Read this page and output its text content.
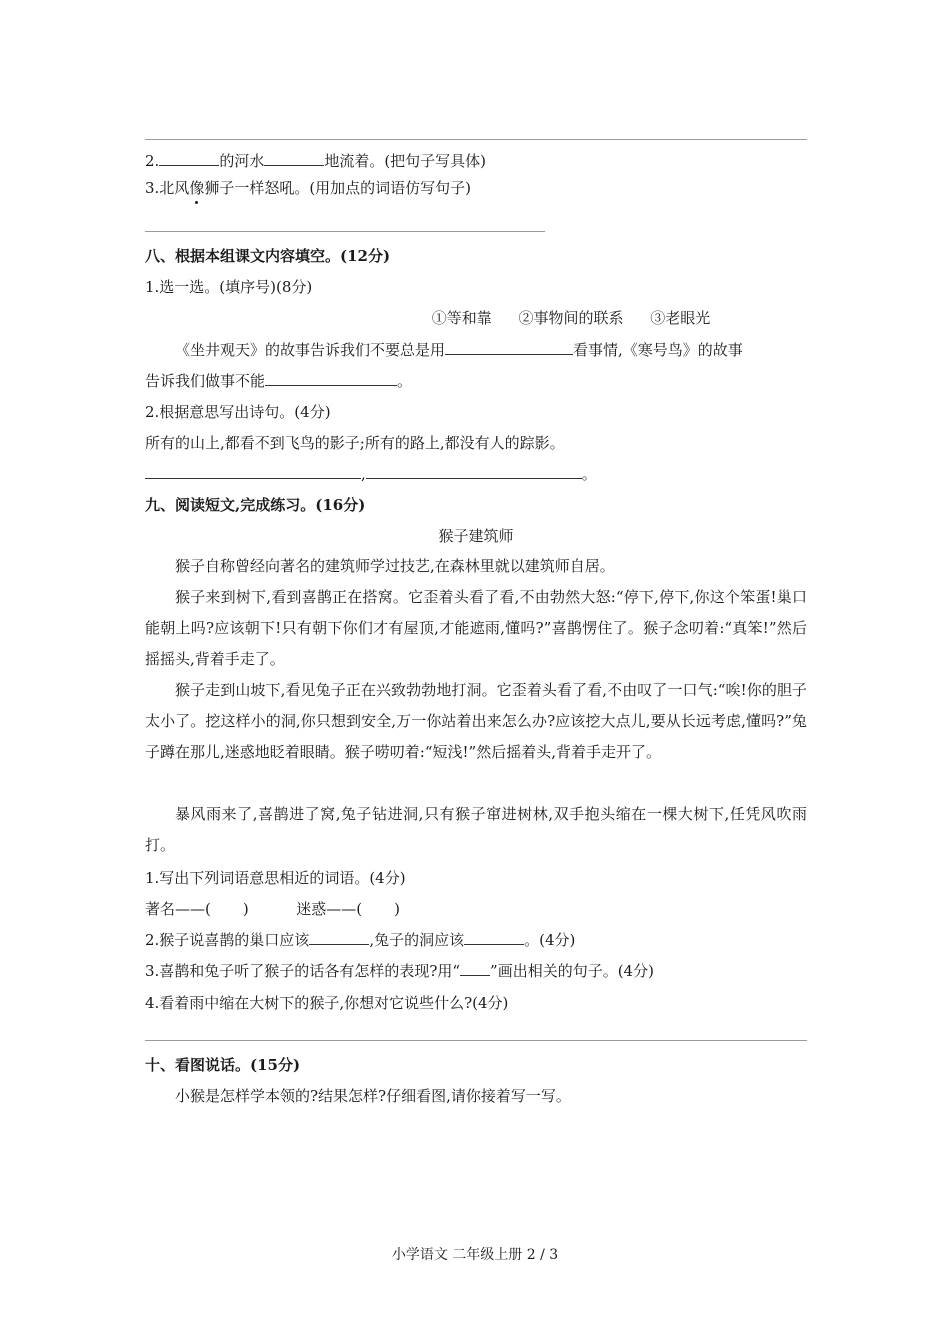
2.	的河水	地流着。(把句子写具体)
3.北风像狮子一样怒吼。(用加点的词语仿写句子)
八、根据本组课文内容填空。(12分)
1.选一选。(填序号)(8分)
①等和靠 ②事物间的联系 ③老眼光
《坐井观天》的故事告诉我们不要总是用	看事情,《寒号鸟》的故事
告诉我们做事不能	。
2.根据意思写出诗句。(4分)
所有的山上,都看不到飞鸟的影子;所有的路上,都没有人的踪影。
,	。
九、阅读短文,完成练习。(16分)
猴子建筑师
猴子自称曾经向著名的建筑师学过技艺,在森林里就以建筑师自居。
猴子来到树下,看到喜鹊正在搭窝。它歪着头看了看,不由勃然大怒:“停下,停下,你这个笨蛋!巢口能朝上吗?应该朝下!只有朝下你们才有屋顶,才能遮雨,懂吗?”喜鹊愣住了。猴子念叨着:“真笨!”然后摇摇头,背着手走了。
猴子走到山坡下,看见兔子正在兴致勃勃地打洞。它歪着头看了看,不由叹了一口气:“唉!你的胆子太小了。挖这样小的洞,你只想到安全,万一你站着出来怎么办?应该挖大点儿,要从长远考虑,懂吗?”兔子蹲在那儿,迷惑地眨着眼睛。猴子唠叨着:“短浅!”然后摇着头,背着手走开了。
暴风雨来了,喜鹊进了窝,兔子钻进洞,只有猴子窜进树林,双手抱头缩在一棵大树下,任凭风吹雨打。
1.写出下列词语意思相近的词语。(4分)
著名——( )	迷惑——( )
2.猴子说喜鹊的巢口应该	,兔子的洞应该	。(4分)
3.喜鹊和兔子听了猴子的话各有怎样的表现?用“ ”画出相关的句子。(4分)
4.看着雨中缩在大树下的猴子,你想对它说些什么?(4分)
十、看图说话。(15分)
小猴是怎样学本领的?结果怎样?仔细看图,请你接着写一写。
小学语文 二年级上册 2 / 3
